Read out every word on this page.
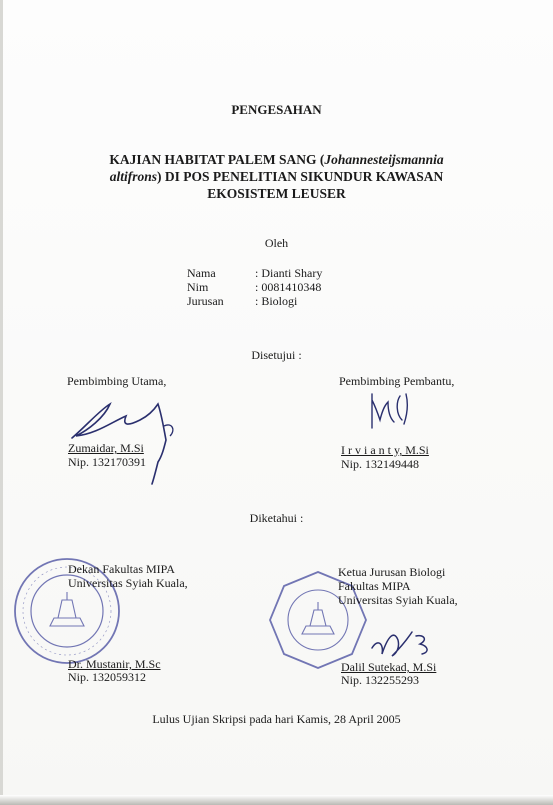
PENGESAHAN
KAJIAN HABITAT PALEM SANG (Johannesteijsmannia
altifrons) DI POS PENELITIAN SIKUNDUR KAWASAN
EKOSISTEM LEUSER
Oleh
Nama	: Dianti Shary
Nim	: 0081410348
Jurusan	: Biologi
Disetujui :
Pembimbing Utama,	Pembimbing Pembantu,
Zumaidar, M.Si
Nip. 132170391
I r v i a n t y, M.Si
Nip. 132149448
Diketahui :
Dekan Fakultas MIPA
Universitas Syiah Kuala,
Ketua Jurusan Biologi
Fakultas MIPA
Universitas Syiah Kuala,
Dr. Mustanir, M.Sc
Nip. 132059312
Dalil Sutekad, M.Si
Nip. 132255293
Lulus Ujian Skripsi pada hari Kamis, 28 April 2005
